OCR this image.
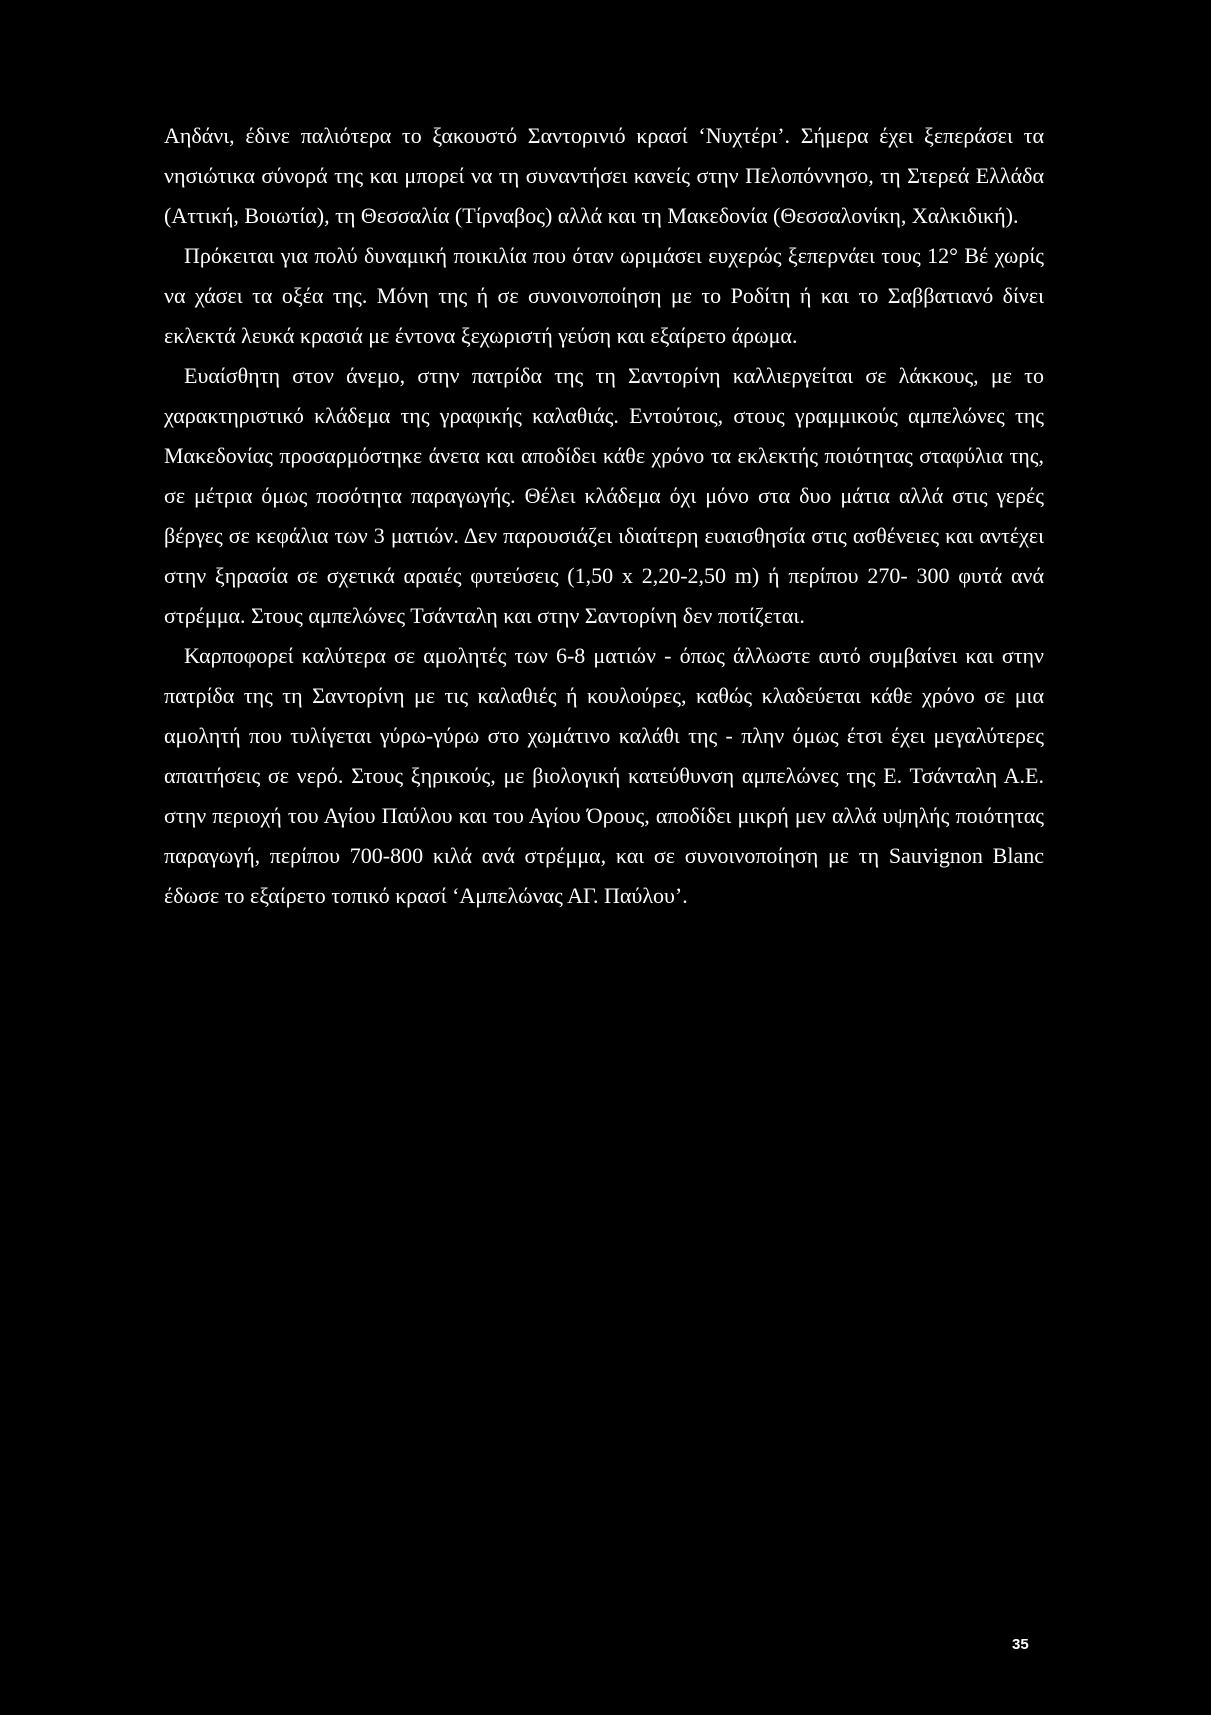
Αηδάνι, έδινε παλιότερα το ξακουστό Σαντορινιό κρασί ‘Νυχτέρι’. Σήμερα έχει ξεπεράσει τα νησιώτικα σύνορά της και μπορεί να τη συναντήσει κανείς στην Πελοπόννησο, τη Στερεά Ελλάδα (Αττική, Βοιωτία), τη Θεσσαλία (Τίρναβος) αλλά και τη Μακεδονία (Θεσσαλονίκη, Χαλκιδική).

Πρόκειται για πολύ δυναμική ποικιλία που όταν ωριμάσει ευχερώς ξεπερνάει τους 12° Βέ χωρίς να χάσει τα οξέα της. Μόνη της ή σε συνοινοποίηση με το Ροδίτη ή και το Σαββατιανό δίνει εκλεκτά λευκά κρασιά με έντονα ξεχωριστή γεύση και εξαίρετο άρωμα.

Ευαίσθητη στον άνεμο, στην πατρίδα της τη Σαντορίνη καλλιεργείται σε λάκκους, με το χαρακτηριστικό κλάδεμα της γραφικής καλαθιάς. Εντούτοις, στους γραμμικούς αμπελώνες της Μακεδονίας προσαρμόστηκε άνετα και αποδίδει κάθε χρόνο τα εκλεκτής ποιότητας σταφύλια της, σε μέτρια όμως ποσότητα παραγωγής. Θέλει κλάδεμα όχι μόνο στα δυο μάτια αλλά στις γερές βέργες σε κεφάλια των 3 ματιών. Δεν παρουσιάζει ιδιαίτερη ευαισθησία στις ασθένειες και αντέχει στην ξηρασία σε σχετικά αραιές φυτεύσεις (1,50 x 2,20-2,50 m) ή περίπου 270- 300 φυτά ανά στρέμμα. Στους αμπελώνες Τσάνταλη και στην Σαντορίνη δεν ποτίζεται.

Καρποφορεί καλύτερα σε αμολητές των 6-8 ματιών - όπως άλλωστε αυτό συμβαίνει και στην πατρίδα της τη Σαντορίνη με τις καλαθιές ή κουλούρες, καθώς κλαδεύεται κάθε χρόνο σε μια αμολητή που τυλίγεται γύρω-γύρω στο χωμάτινο καλάθι της - πλην όμως έτσι έχει μεγαλύτερες απαιτήσεις σε νερό. Στους ξηρικούς, με βιολογική κατεύθυνση αμπελώνες της Ε. Τσάνταλη Α.Ε. στην περιοχή του Αγίου Παύλου και του Αγίου Όρους, αποδίδει μικρή μεν αλλά υψηλής ποιότητας παραγωγή, περίπου 700-800 κιλά ανά στρέμμα, και σε συνοινοποίηση με τη Sauvignon Blanc έδωσε το εξαίρετο τοπικό κρασί ‘Αμπελώνας ΑΓ. Παύλου’.

35
